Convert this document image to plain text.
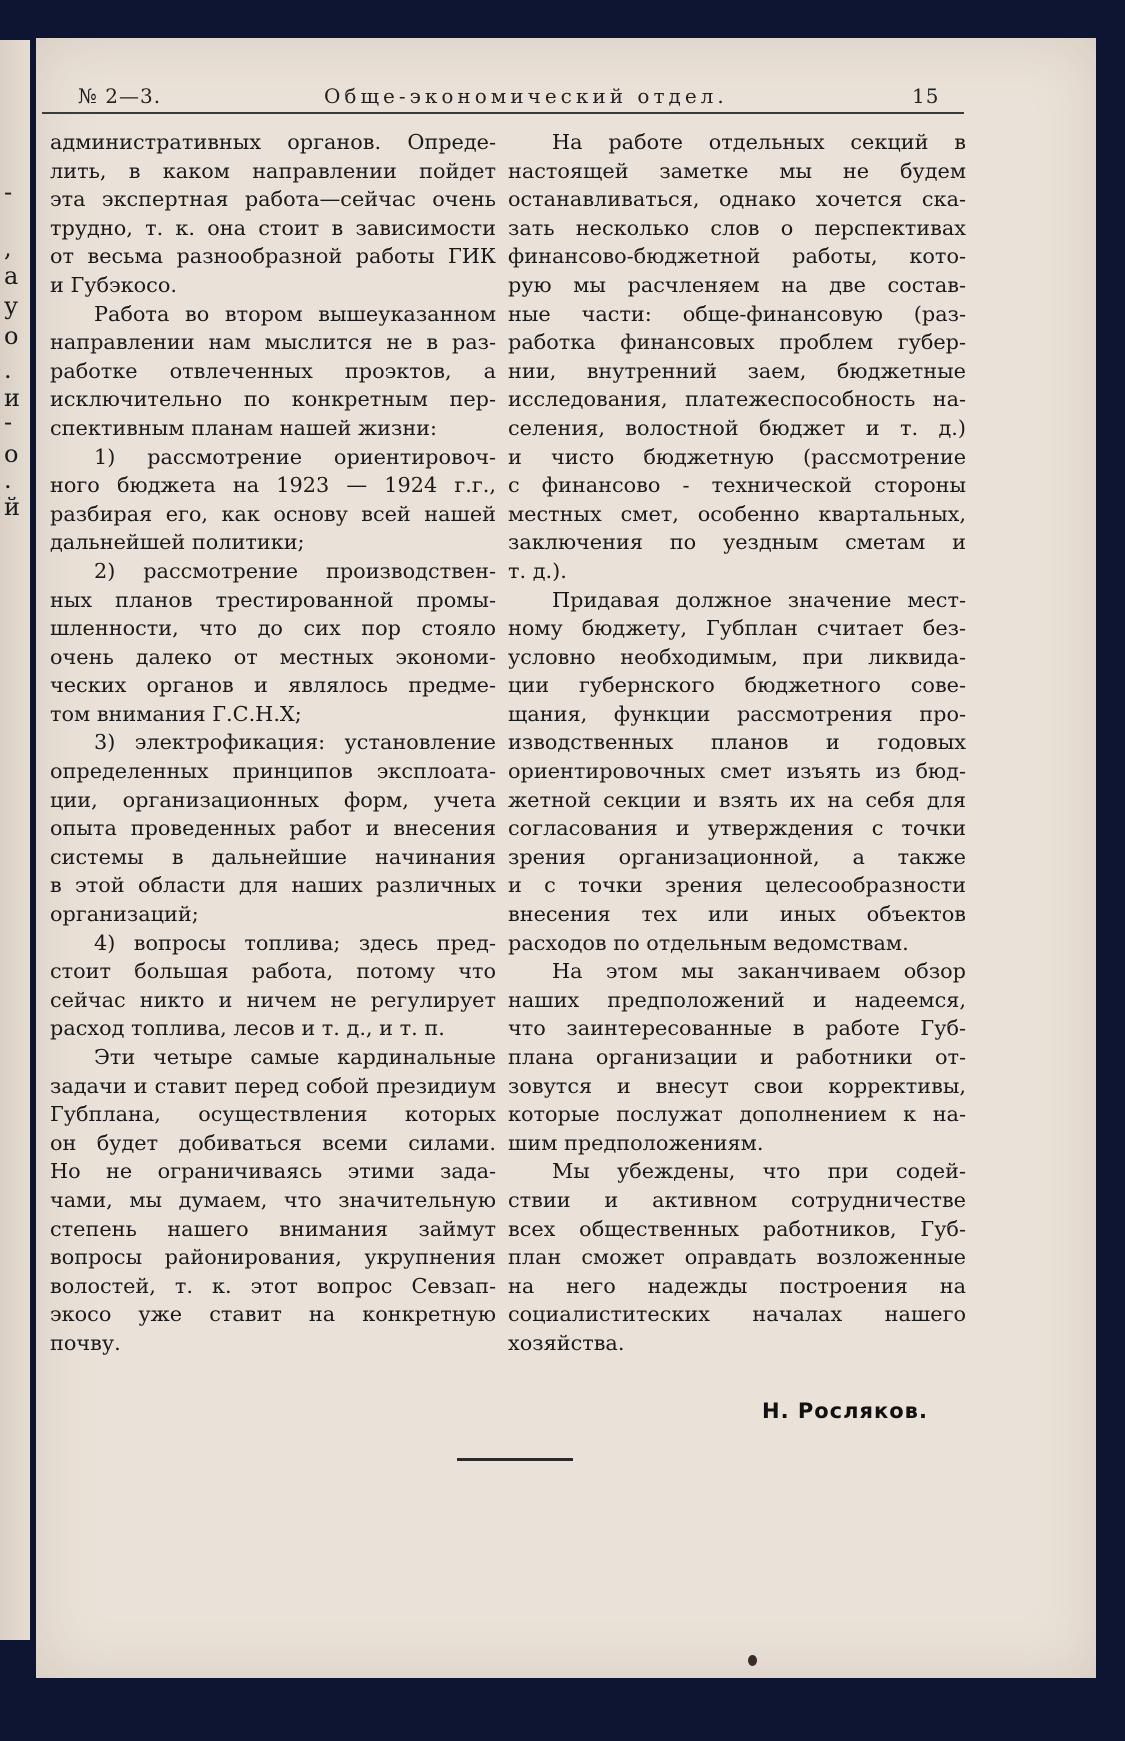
-
,
а
у
о
.
и
-
о
.
й
№ 2—3.	Обще-экономический отдел.	15

административных органов. Опреде-
лить, в каком направлении пойдет
эта экспертная работа—сейчас очень
трудно, т. к. она стоит в зависимости
от весьма разнообразной работы ГИК
и Губэкосо.

Работа во втором вышеуказанном
направлении нам мыслится не в раз-
работке отвлеченных проэктов, а
исключительно по конкретным пер-
спективным планам нашей жизни:

1) рассмотрение ориентировоч-
ного бюджета на 1923 — 1924 г.г.,
разбирая его, как основу всей нашей
дальнейшей политики;

2) рассмотрение производствен-
ных планов трестированной промы-
шленности, что до сих пор стояло
очень далеко от местных экономи-
ческих органов и являлось предме-
том внимания Г.С.Н.Х;

3) электрофикация: установление
определенных принципов эксплоата-
ции, организационных форм, учета
опыта проведенных работ и внесения
системы в дальнейшие начинания
в этой области для наших различных
организаций;

4) вопросы топлива; здесь пред-
стоит большая работа, потому что
сейчас никто и ничем не регулирует
расход топлива, лесов и т. д., и т. п.

Эти четыре самые кардинальные
задачи и ставит перед собой президиум
Губплана, осуществления которых
он будет добиваться всеми силами.
Но не ограничиваясь этими зада-
чами, мы думаем, что значительную
степень нашего внимания займут
вопросы районирования, укрупнения
волостей, т. к. этот вопрос Севзап-
экосо уже ставит на конкретную
почву.

На работе отдельных секций в
настоящей заметке мы не будем
останавливаться, однако хочется ска-
зать несколько слов о перспективах
финансово-бюджетной работы, кото-
рую мы расчленяем на две состав-
ные части: обще-финансовую (раз-
работка финансовых проблем губер-
нии, внутренний заем, бюджетные
исследования, платежеспособность на-
селения, волостной бюджет и т. д.)
и чисто бюджетную (рассмотрение
с финансово - технической стороны
местных смет, особенно квартальных,
заключения по уездным сметам и
т. д.).

Придавая должное значение мест-
ному бюджету, Губплан считает без-
условно необходимым, при ликвида-
ции губернского бюджетного сове-
щания, функции рассмотрения про-
изводственных планов и годовых
ориентировочных смет изъять из бюд-
жетной секции и взять их на себя для
согласования и утверждения с точки
зрения организационной, а также
и с точки зрения целесообразности
внесения тех или иных объектов
расходов по отдельным ведомствам.

На этом мы заканчиваем обзор
наших предположений и надеемся,
что заинтересованные в работе Губ-
плана организации и работники от-
зовутся и внесут свои коррективы,
которые послужат дополнением к на-
шим предположениям.

Мы убеждены, что при содей-
ствии и активном сотрудничестве
всех общественных работников, Губ-
план сможет оправдать возложенные
на него надежды построения на
социалиститеских началах нашего
хозяйства.

Н. Росляков.
